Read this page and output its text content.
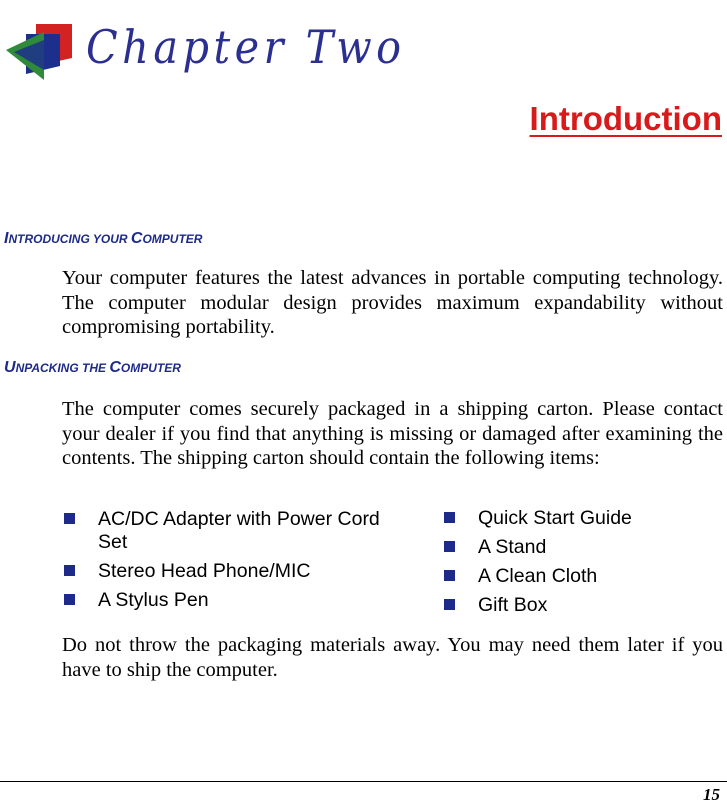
Chapter Two
Introduction
INTRODUCING YOUR COMPUTER

Your computer features the latest advances in portable computing technology. The computer modular design provides maximum expandability without compromising portability.

UNPACKING THE COMPUTER

The computer comes securely packaged in a shipping carton. Please contact your dealer if you find that anything is missing or damaged after examining the contents. The shipping carton should contain the following items:

AC/DC Adapter with Power Cord Set
Stereo Head Phone/MIC
A Stylus Pen
Quick Start Guide
A Stand
A Clean Cloth
Gift Box

Do not throw the packaging materials away. You may need them later if you have to ship the computer.

15
